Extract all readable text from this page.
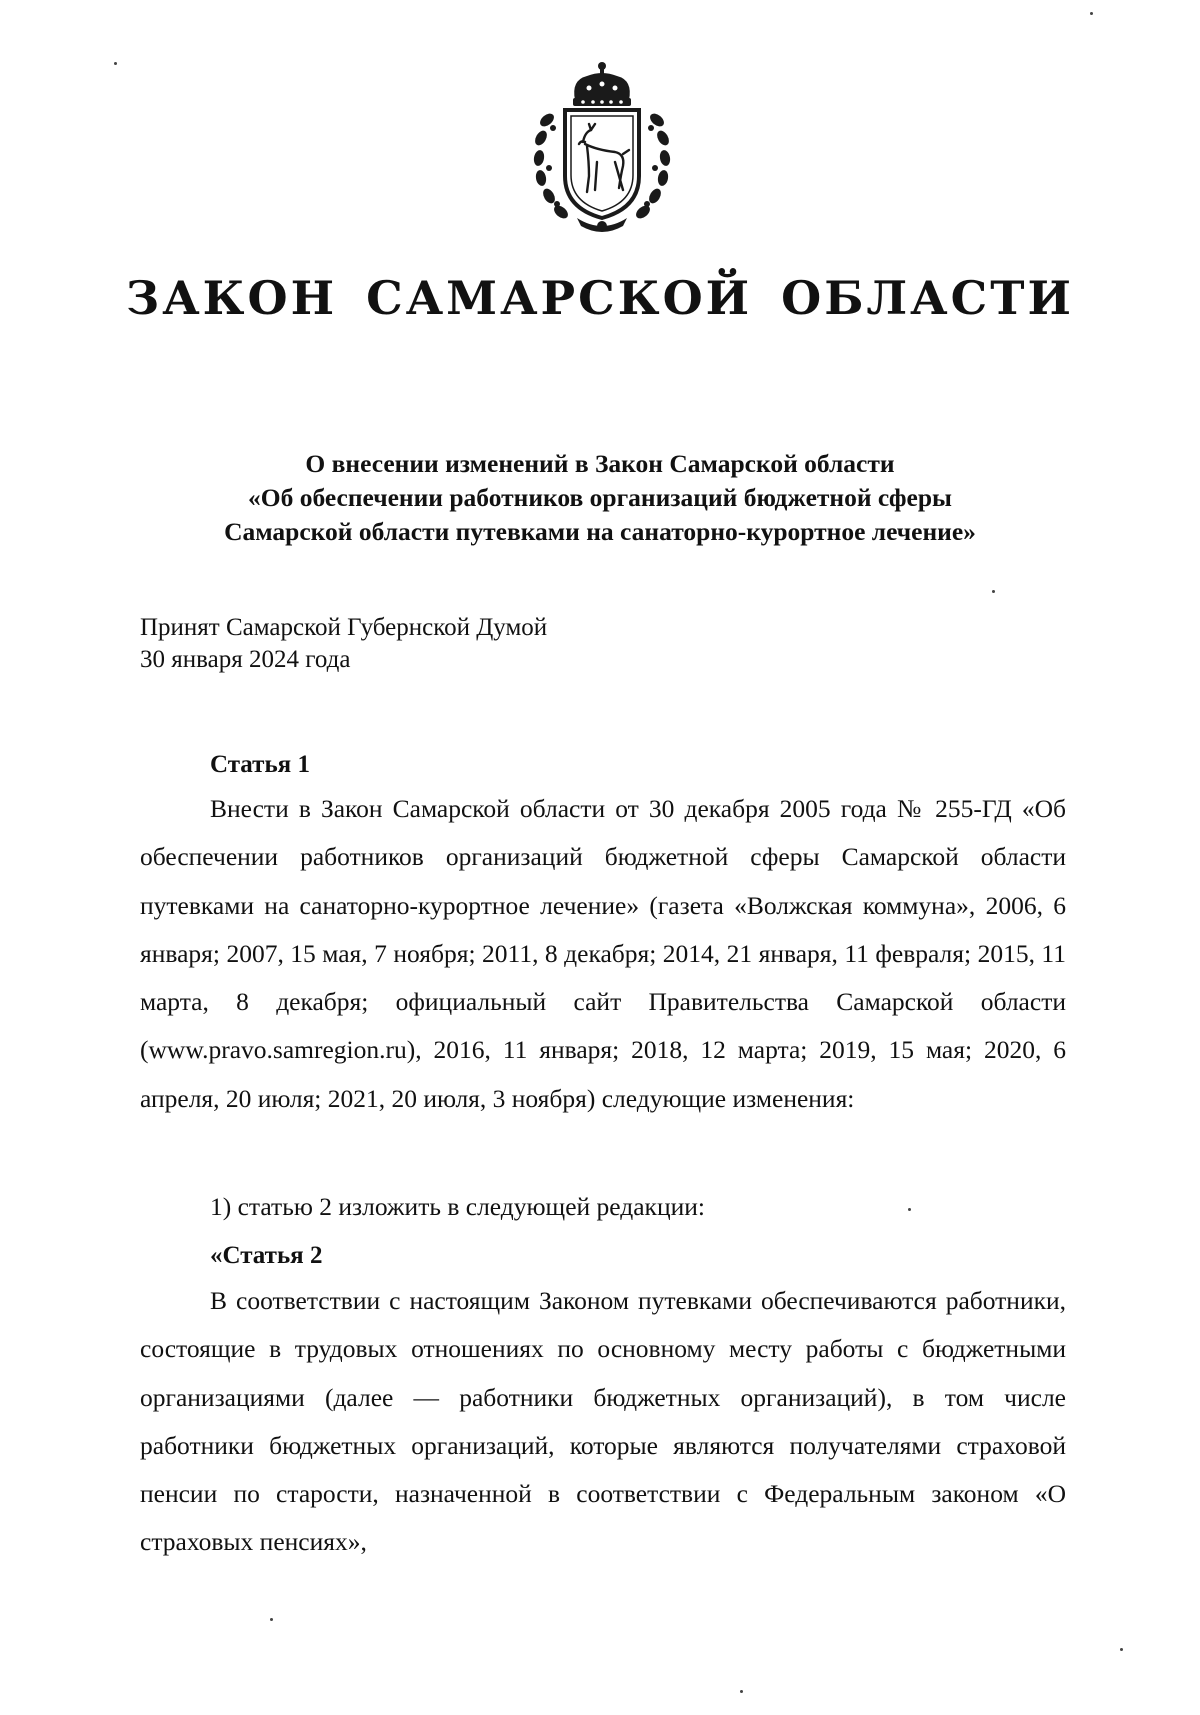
ЗАКОН САМАРСКОЙ ОБЛАСТИ
О внесении изменений в Закон Самарской области
«Об обеспечении работников организаций бюджетной сферы
Самарской области путевками на санаторно-курортное лечение»
Принят Самарской Губернской Думой
30 января 2024 года
Статья 1
Внести в Закон Самарской области от 30 декабря 2005 года № 255-ГД «Об обеспечении работников организаций бюджетной сферы Самарской области путевками на санаторно-курортное лечение» (газета «Волжская коммуна», 2006, 6 января; 2007, 15 мая, 7 ноября; 2011, 8 декабря; 2014, 21 января, 11 февраля; 2015, 11 марта, 8 декабря; официальный сайт Правительства Самарской области (www.pravo.samregion.ru), 2016, 11 января; 2018, 12 марта; 2019, 15 мая; 2020, 6 апреля, 20 июля; 2021, 20 июля, 3 ноября) следующие изменения:
1) статью 2 изложить в следующей редакции:
«Статья 2
В соответствии с настоящим Законом путевками обеспечиваются работники, состоящие в трудовых отношениях по основному месту работы с бюджетными организациями (далее — работники бюджетных организаций), в том числе работники бюджетных организаций, которые являются получателями страховой пенсии по старости, назначенной в соответствии с Федеральным законом «О страховых пенсиях»,
